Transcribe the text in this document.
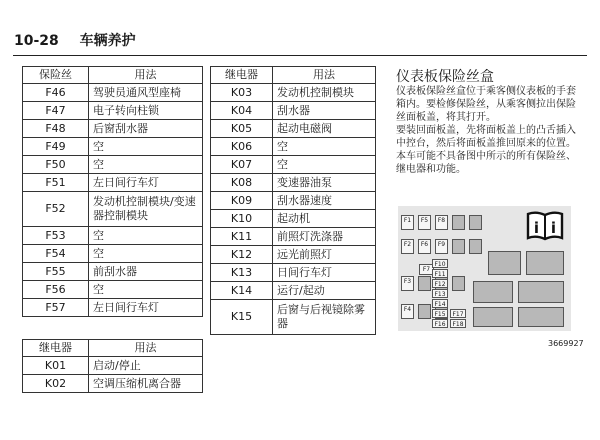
10-28 车辆养护
保险丝	用法
F46	驾驶员通风型座椅
F47	电子转向柱锁
F48	后窗刮水器
F49	空
F50	空
F51	左日间行车灯
F52	发动机控制模块/变速器控制模块
F53	空
F54	空
F55	前刮水器
F56	空
F57	左日间行车灯
继电器	用法
K01	启动/停止
K02	空调压缩机离合器
继电器	用法
K03	发动机控制模块
K04	刮水器
K05	起动电磁阀
K06	空
K07	空
K08	变速器油泵
K09	刮水器速度
K10	起动机
K11	前照灯洗涤器
K12	远光前照灯
K13	日间行车灯
K14	运行/起动
K15	后窗与后视镜除雾器
仪表板保险丝盒

仪表板保险丝盒位于乘客侧仪表板的手套箱内。要检修保险丝，从乘客侧拉出保险丝面板盖，将其打开。

要装回面板盖，先将面板盖上的凸舌插入中控台，然后将面板盖推回原来的位置。

本车可能不具备图中所示的所有保险丝、继电器和功能。

F1	F5	F8
F2	F6	F9
F3
F4
F7
F10
F11
F12
F13
F14
F15
F16
F17
F18
i i
3669927
